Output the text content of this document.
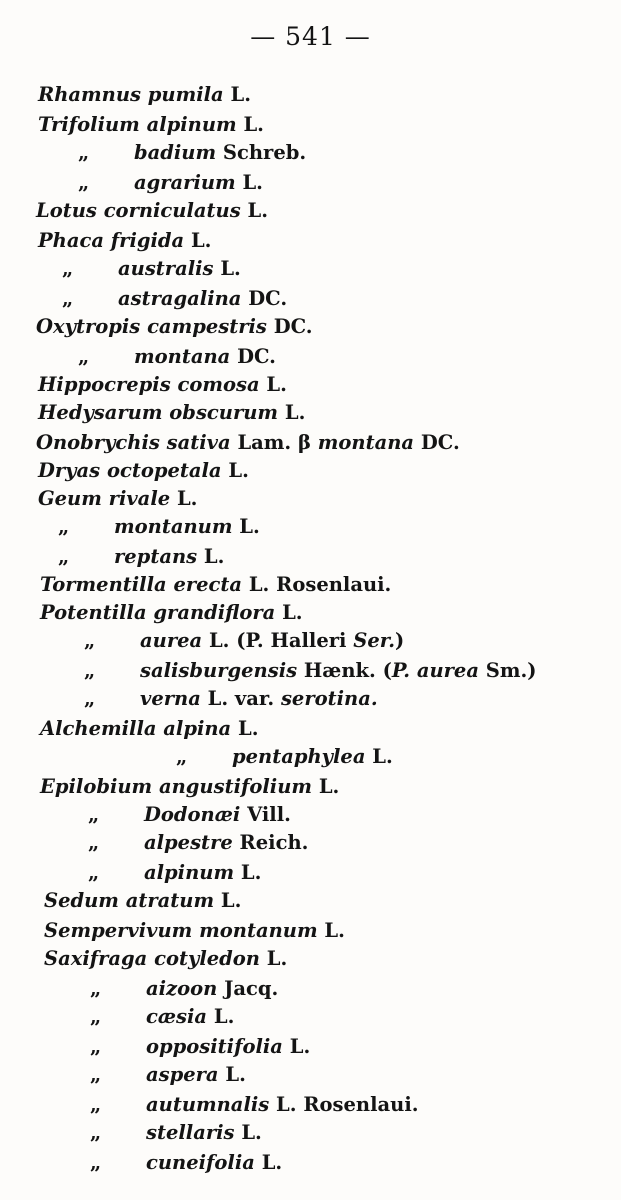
— 541 —
Rhamnus pumila L.
Trifolium alpinum L.
„ badium Schreb.
„ agrarium L.
Lotus corniculatus L.
Phaca frigida L.
„ australis L.
„ astragalina DC.
Oxytropis campestris DC.
„ montana DC.
Hippocrepis comosa L.
Hedysarum obscurum L.
Onobrychis sativa Lam. β montana DC.
Dryas octopetala L.
Geum rivale L.
„ montanum L.
„ reptans L.
Tormentilla erecta L. Rosenlaui.
Potentilla grandiflora L.
„ aurea L. (P. Halleri Ser.)
„ salisburgensis Hænk. (P. aurea Sm.)
„ verna L. var. serotina.
Alchemilla alpina L.
„ pentaphylea L.
Epilobium angustifolium L.
„ Dodonæi Vill.
„ alpestre Reich.
„ alpinum L.
Sedum atratum L.
Sempervivum montanum L.
Saxifraga cotyledon L.
„ aizoon Jacq.
„ cæsia L.
„ oppositifolia L.
„ aspera L.
„ autumnalis L. Rosenlaui.
„ stellaris L.
„ cuneifolia L.
